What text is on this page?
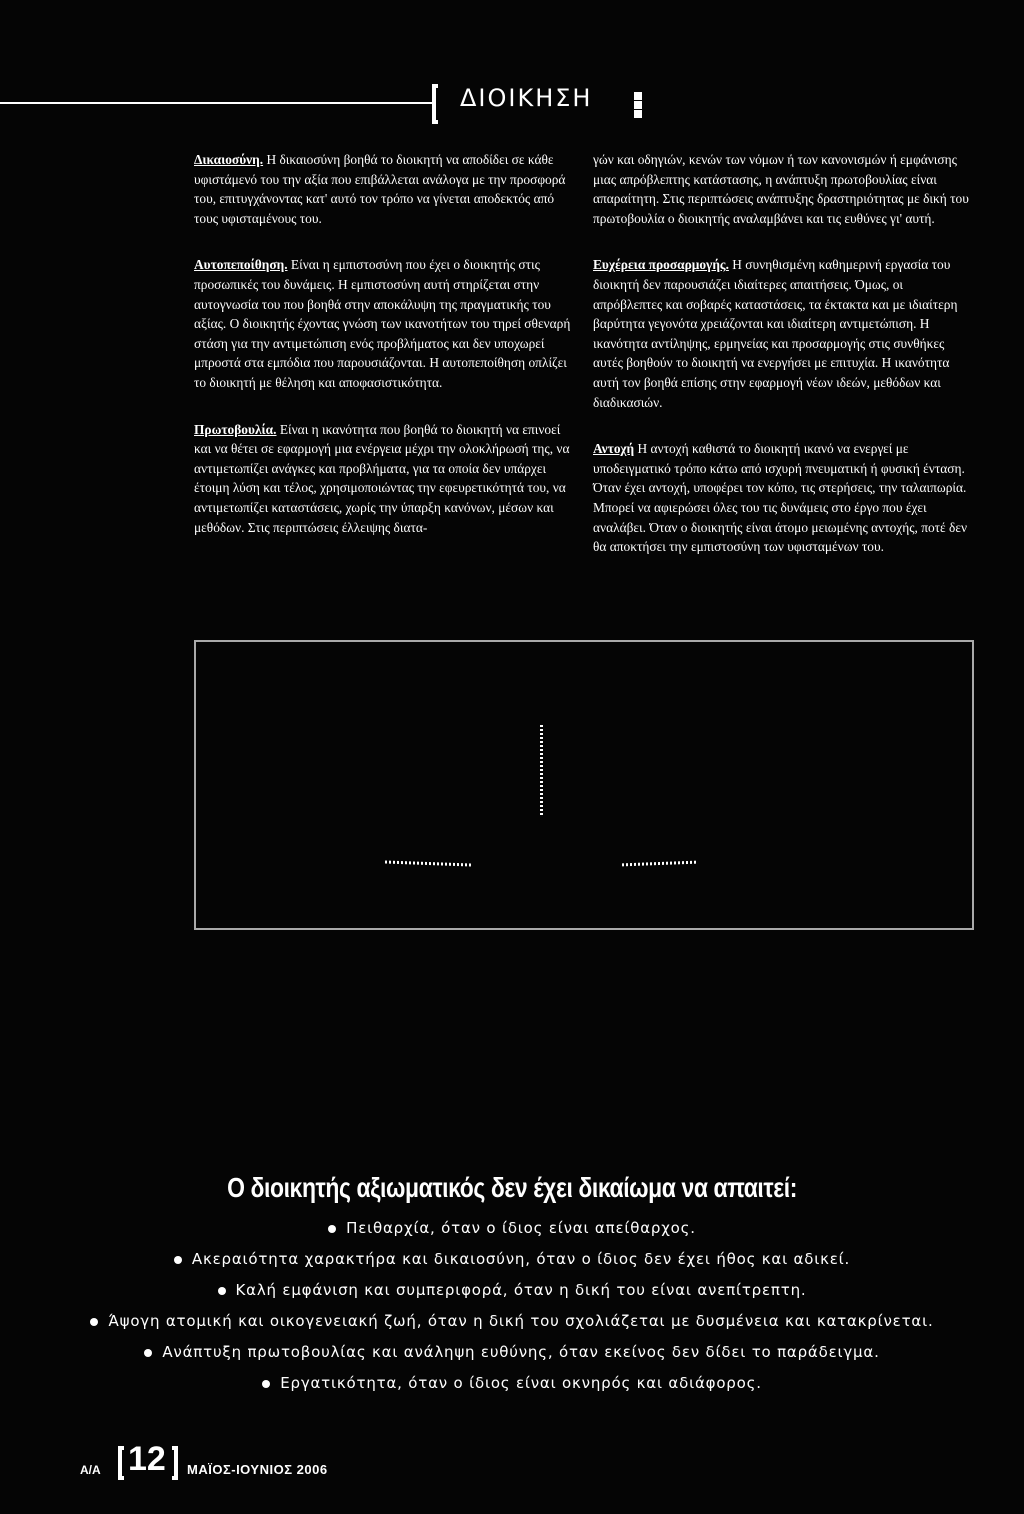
ΔΙΟΙΚΗΣΗ

Δικαιοσύνη. Η δικαιοσύνη βοηθά το διοικητή να αποδίδει σε κάθε υφιστάμενό του την αξία που επιβάλλεται ανάλογα με την προσφορά του, επιτυγχάνοντας κατ' αυτό τον τρόπο να γίνεται αποδεκτός από τους υφισταμένους του.

Αυτοπεποίθηση. Είναι η εμπιστοσύνη που έχει ο διοικητής στις προσωπικές του δυνάμεις. Η εμπιστοσύνη αυτή στηρίζεται στην αυτογνωσία του που βοηθά στην αποκάλυψη της πραγματικής του αξίας. Ο διοικητής έχοντας γνώση των ικανοτήτων του τηρεί σθεναρή στάση για την αντιμετώπιση ενός προβλήματος και δεν υποχωρεί μπροστά στα εμπόδια που παρουσιάζονται. Η αυτοπεποίθηση οπλίζει το διοικητή με θέληση και αποφασιστικότητα.

Πρωτοβουλία. Είναι η ικανότητα που βοηθά το διοικητή να επινοεί και να θέτει σε εφαρμογή μια ενέργεια μέχρι την ολοκλήρωσή της, να αντιμετωπίζει ανάγκες και προβλήματα, για τα οποία δεν υπάρχει έτοιμη λύση και τέλος, χρησιμοποιώντας την εφευρετικότητά του, να αντιμετωπίζει καταστάσεις, χωρίς την ύπαρξη κανόνων, μέσων και μεθόδων. Στις περιπτώσεις έλλειψης διατα-

γών και οδηγιών, κενών των νόμων ή των κανονισμών ή εμφάνισης μιας απρόβλεπτης κατάστασης, η ανάπτυξη πρωτοβουλίας είναι απαραίτητη. Στις περιπτώσεις ανάπτυξης δραστηριότητας με δική του πρωτοβουλία ο διοικητής αναλαμβάνει και τις ευθύνες γι' αυτή.

Ευχέρεια προσαρμογής. Η συνηθισμένη καθημερινή εργασία του διοικητή δεν παρουσιάζει ιδιαίτερες απαιτήσεις. Όμως, οι απρόβλεπτες και σοβαρές καταστάσεις, τα έκτακτα και με ιδιαίτερη βαρύτητα γεγονότα χρειάζονται και ιδιαίτερη αντιμετώπιση. Η ικανότητα αντίληψης, ερμηνείας και προσαρμογής στις συνθήκες αυτές βοηθούν το διοικητή να ενεργήσει με επιτυχία. Η ικανότητα αυτή τον βοηθά επίσης στην εφαρμογή νέων ιδεών, μεθόδων και διαδικασιών.

Αντοχή Η αντοχή καθιστά το διοικητή ικανό να ενεργεί με υποδειγματικό τρόπο κάτω από ισχυρή πνευματική ή φυσική ένταση. Όταν έχει αντοχή, υποφέρει τον κόπο, τις στερήσεις, την ταλαιπωρία. Μπορεί να αφιερώσει όλες του τις δυνάμεις στο έργο που έχει αναλάβει. Όταν ο διοικητής είναι άτομο μειωμένης αντοχής, ποτέ δεν θα αποκτήσει την εμπιστοσύνη των υφισταμένων του.

Ο διοικητής αξιωματικός δεν έχει δικαίωμα να απαιτεί:
Πειθαρχία, όταν ο ίδιος είναι απείθαρχος.
Ακεραιότητα χαρακτήρα και δικαιοσύνη, όταν ο ίδιος δεν έχει ήθος και αδικεί.
Καλή εμφάνιση και συμπεριφορά, όταν η δική του είναι ανεπίτρεπτη.
Άψογη ατομική και οικογενειακή ζωή, όταν η δική του σχολιάζεται με δυσμένεια και κατακρίνεται.
Ανάπτυξη πρωτοβουλίας και ανάληψη ευθύνης, όταν εκείνος δεν δίδει το παράδειγμα.
Εργατικότητα, όταν ο ίδιος είναι οκνηρός και αδιάφορος.
Α/Α 12 ΜΑΪΟΣ-ΙΟΥΝΙΟΣ 2006
